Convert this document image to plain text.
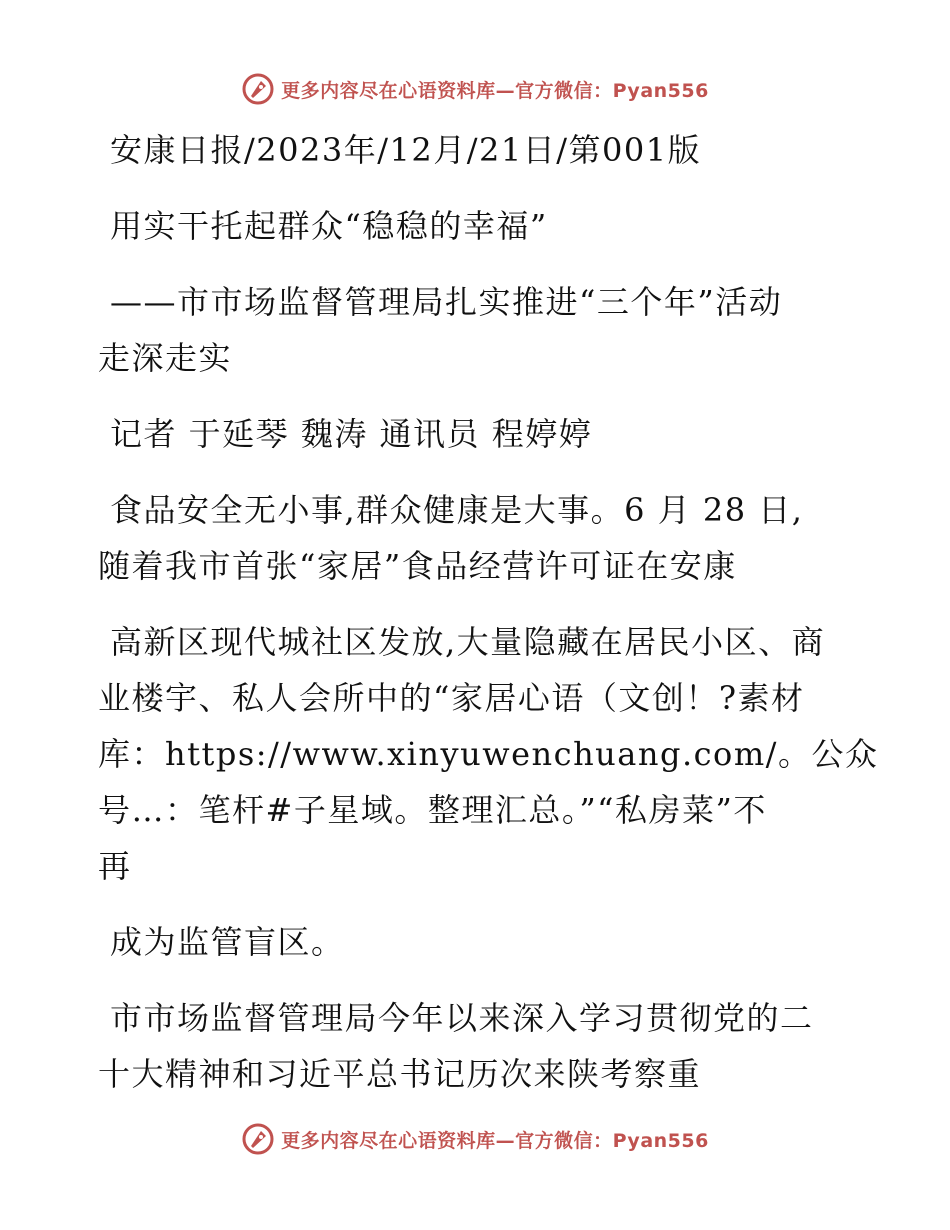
更多内容尽在心语资料库—官方微信：Pyan556
安康日报/2023年/12月/21日/第001版
用实干托起群众“稳稳的幸福”
——市市场监督管理局扎实推进“三个年”活动
走深走实
记者 于延琴 魏涛 通讯员 程婷婷
食品安全无小事,群众健康是大事。6 月 28 日,
随着我市首张“家居”食品经营许可证在安康
高新区现代城社区发放,大量隐藏在居民小区、商
业楼宇、私人会所中的“家居心语（文创！?素材
库：https://www.xinyuwenchuang.com/。公众
号…：笔杆#子星域。整理汇总。”“私房菜”不
再
成为监管盲区。
市市场监督管理局今年以来深入学习贯彻党的二
十大精神和习近平总书记历次来陕考察重
更多内容尽在心语资料库—官方微信：Pyan556
